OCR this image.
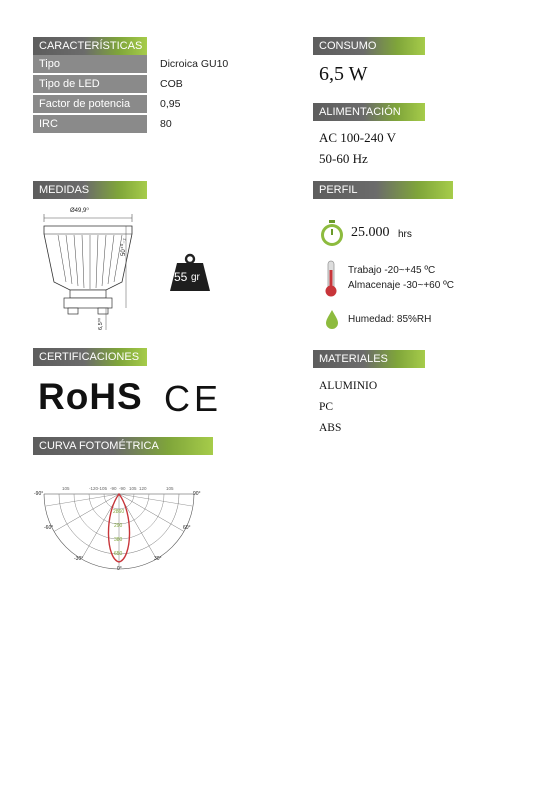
CARACTERÍSTICAS
Tipo	Dicroica GU10
Tipo de LED	COB
Factor de potencia	0,95
IRC	80
CONSUMO
6,5 W
ALIMENTACIÓN
AC 100-240 V
50-60 Hz
MEDIDAS
Ø49,9⁰
50⁺⁰₋₂
6,5⁰⁰
55 gr
PERFIL MEDIOAMBIENTAL
25.000 hrs
Trabajo -20~+45 ºC
Almacenaje -30~+60 ºC
Humedad: 85%RH
CERTIFICACIONES
RoHS CE
MATERIALES
ALUMINIO
PC
ABS
CURVA FOTOMÉTRICA
-90°	90°
-60°	60°
-30°	30°
0°
105	-120 -105 -90 -90 105 120	105
2860
290
380
650
